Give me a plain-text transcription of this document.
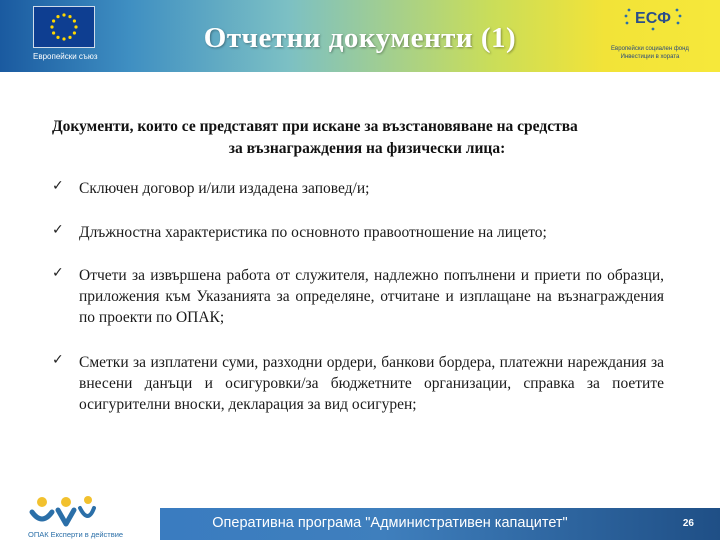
Европейски съюз
Отчетни документи (1)
ЕСФ
Европейски социален фонд
Инвестиции в хората
Документи, които се представят при искане за възстановяване на средства
за възнаграждения на физически лица:
✓ Сключен договор и/или издадена заповед/и;
✓ Длъжностна характеристика по основното правоотношение на лицето;
✓ Отчети за извършена работа от служителя, надлежно попълнени и приети по образци, приложения към Указанията за определяне, отчитане и изплащане на възнаграждения по проекти по ОПАК;
✓ Сметки за изплатени суми, разходни ордери, банкови бордера, платежни нареждания за внесени данъци и осигуровки/за бюджетните организации, справка за поетите осигурителни вноски, декларация за вид осигурен;
ОПАК Експерти в действие
Оперативна програма "Административен капацитет"	26
